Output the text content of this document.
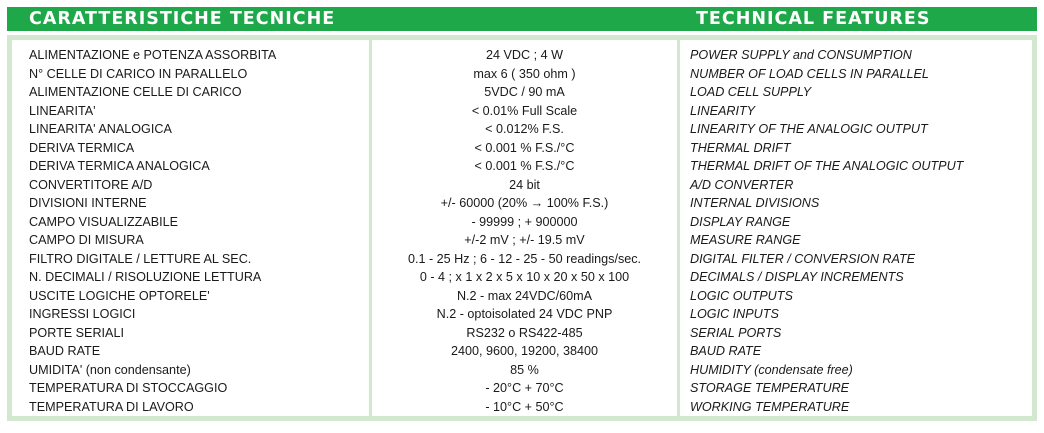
CARATTERISTICHE TECNICHE	TECHNICAL FEATURES
ALIMENTAZIONE e POTENZA ASSORBITA
N° CELLE DI CARICO IN PARALLELO
ALIMENTAZIONE CELLE DI CARICO
LINEARITA'
LINEARITA' ANALOGICA
DERIVA TERMICA
DERIVA TERMICA ANALOGICA
CONVERTITORE A/D
DIVISIONI INTERNE
CAMPO VISUALIZZABILE
CAMPO DI MISURA
FILTRO DIGITALE / LETTURE AL SEC.
N. DECIMALI / RISOLUZIONE LETTURA
USCITE LOGICHE OPTORELE'
INGRESSI LOGICI
PORTE SERIALI
BAUD RATE
UMIDITA' (non condensante)
TEMPERATURA DI STOCCAGGIO
TEMPERATURA DI LAVORO
24 VDC ; 4 W
max 6 ( 350 ohm )
5VDC / 90 mA
< 0.01% Full Scale
< 0.012% F.S.
< 0.001 % F.S./°C
< 0.001 % F.S./°C
24 bit
+/- 60000 (20% → 100% F.S.)
- 99999 ; + 900000
+/-2 mV ; +/- 19.5 mV
0.1 - 25 Hz ; 6 - 12 - 25 - 50 readings/sec.
0 - 4 ; x 1 x 2 x 5 x 10 x 20 x 50 x 100
N.2 - max 24VDC/60mA
N.2 - optoisolated 24 VDC PNP
RS232 o RS422-485
2400, 9600, 19200, 38400
85 %
- 20°C + 70°C
- 10°C + 50°C
POWER SUPPLY and CONSUMPTION
NUMBER OF LOAD CELLS IN PARALLEL
LOAD CELL SUPPLY
LINEARITY
LINEARITY OF THE ANALOGIC OUTPUT
THERMAL DRIFT
THERMAL DRIFT OF THE ANALOGIC OUTPUT
A/D CONVERTER
INTERNAL DIVISIONS
DISPLAY RANGE
MEASURE RANGE
DIGITAL FILTER / CONVERSION RATE
DECIMALS / DISPLAY INCREMENTS
LOGIC OUTPUTS
LOGIC INPUTS
SERIAL PORTS
BAUD RATE
HUMIDITY (condensate free)
STORAGE TEMPERATURE
WORKING TEMPERATURE
